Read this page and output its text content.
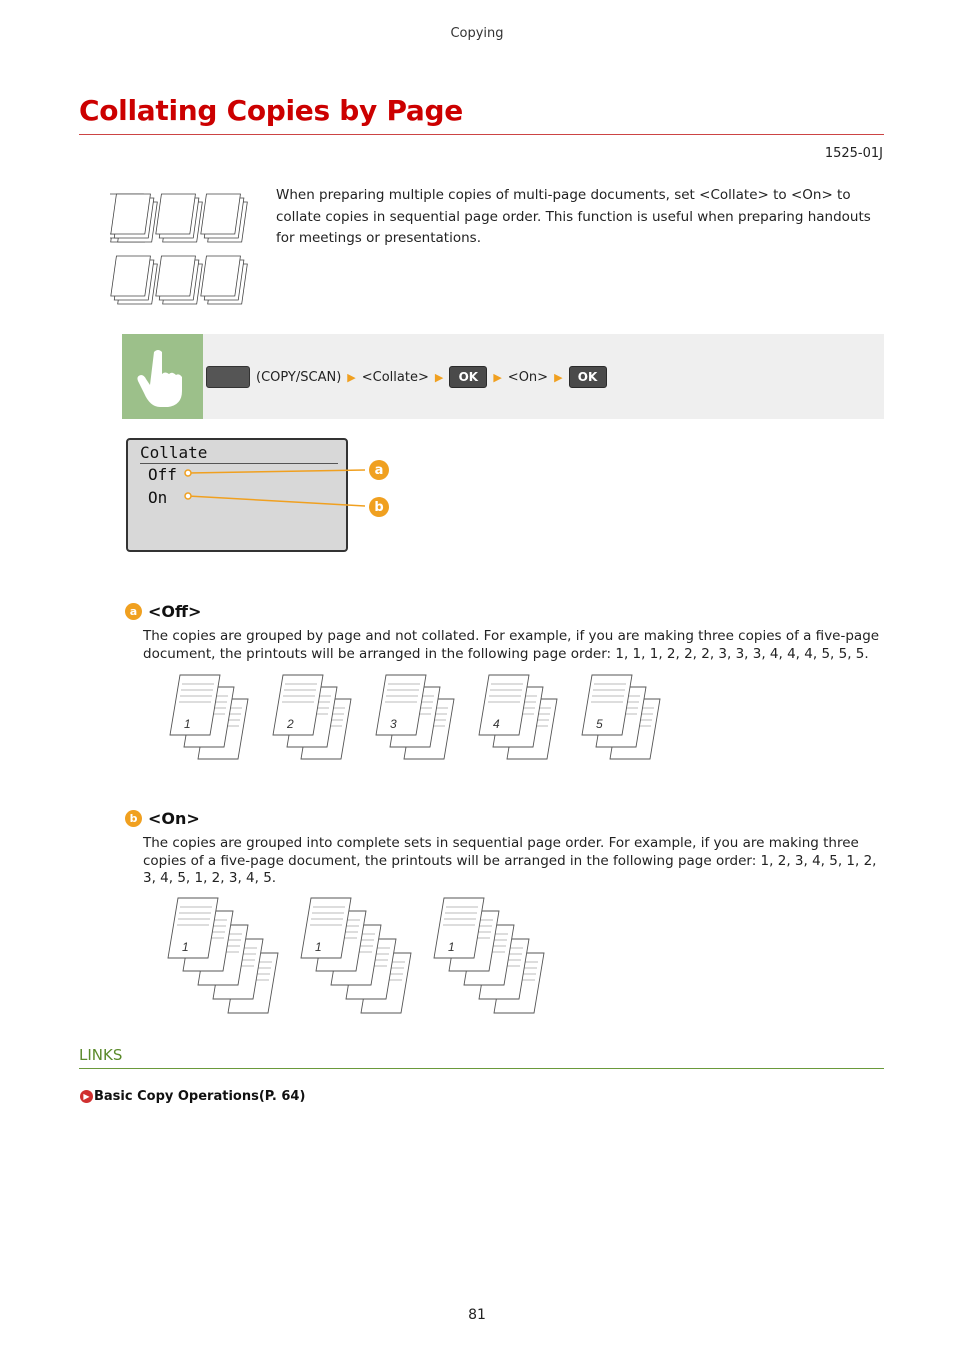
Copying
Collating Copies by Page
1525-01J
When preparing multiple copies of multi-page documents, set <Collate> to <On> to collate copies in sequential page order. This function is useful when preparing handouts for meetings or presentations.
(COPY/SCAN) ▶ <Collate> ▶	OK	▶ <On> ▶	OK
Collate
Off
On
a
b
a <Off>
The copies are grouped by page and not collated. For example, if you are making three copies of a five-page document, the printouts will be arranged in the following page order: 1, 1, 1, 2, 2, 2, 3, 3, 3, 4, 4, 4, 5, 5, 5.
1	2	3	4	5
b <On>
The copies are grouped into complete sets in sequential page order. For example, if you are making three copies of a five-page document, the printouts will be arranged in the following page order: 1, 2, 3, 4, 5, 1, 2, 3, 4, 5, 1, 2, 3, 4, 5.
1	1	1
LINKS
▶ Basic Copy Operations(P. 64)
81
